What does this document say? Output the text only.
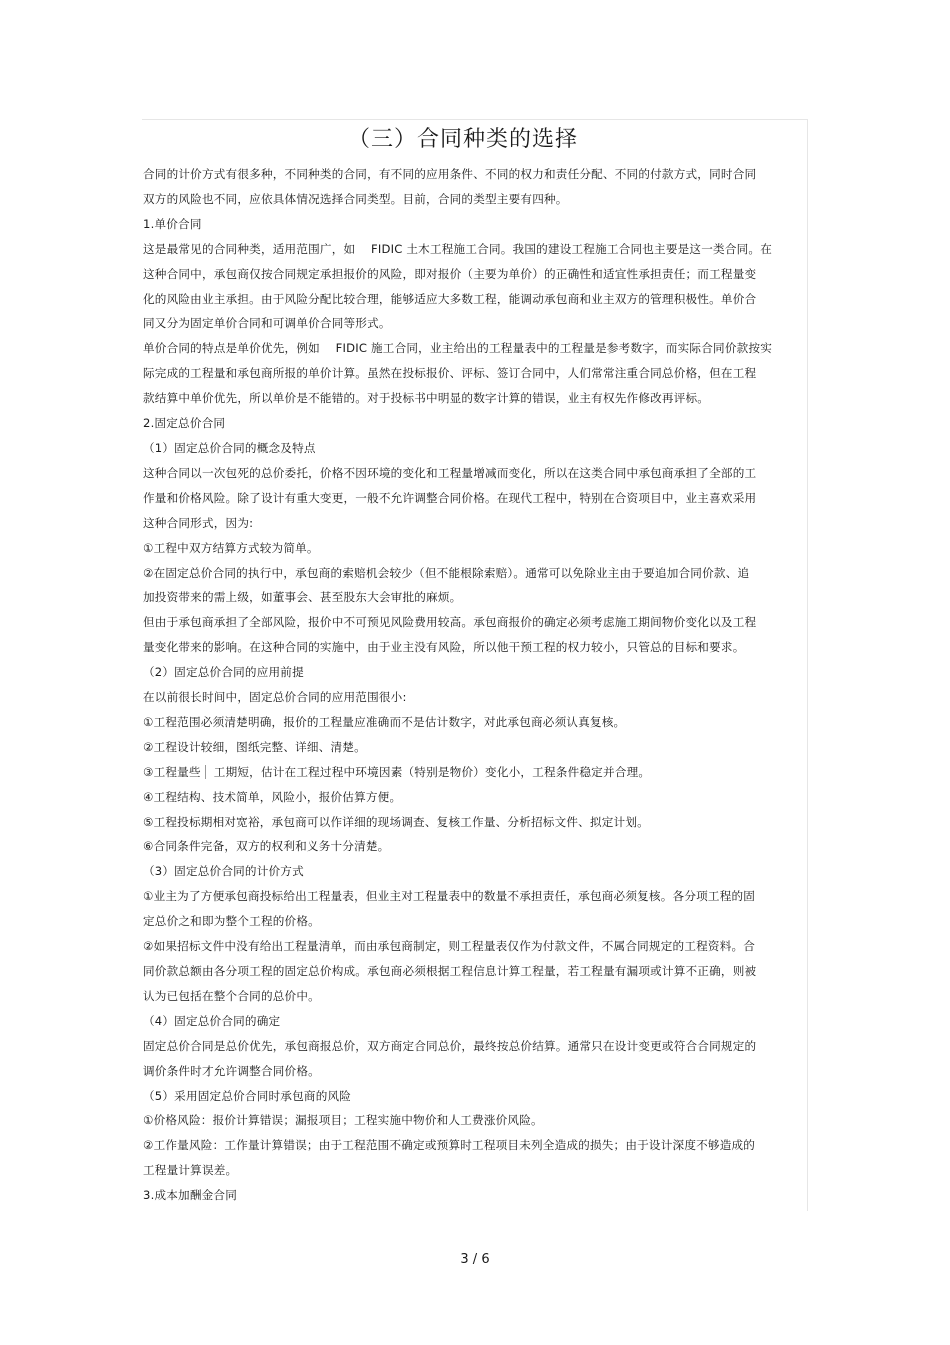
（三）合同种类的选择
合同的计价方式有很多种，不同种类的合同，有不同的应用条件、不同的权力和责任分配、不同的付款方式，同时合同
双方的风险也不同，应依具体情况选择合同类型。目前，合同的类型主要有四种。
1.单价合同
这是最常见的合同种类，适用范围广，如　 FIDIC 土木工程施工合同。我国的建设工程施工合同也主要是这一类合同。在
这种合同中，承包商仅按合同规定承担报价的风险，即对报价（主要为单价）的正确性和适宜性承担责任；而工程量变
化的风险由业主承担。由于风险分配比较合理，能够适应大多数工程，能调动承包商和业主双方的管理积极性。单价合
同又分为固定单价合同和可调单价合同等形式。
单价合同的特点是单价优先，例如　 FIDIC 施工合同，业主给出的工程量表中的工程量是参考数字，而实际合同价款按实
际完成的工程量和承包商所报的单价计算。虽然在投标报价、评标、签订合同中，人们常常注重合同总价格，但在工程
款结算中单价优先，所以单价是不能错的。对于投标书中明显的数字计算的错误，业主有权先作修改再评标。
2.固定总价合同
（1）固定总价合同的概念及特点
这种合同以一次包死的总价委托，价格不因环境的变化和工程量增减而变化，所以在这类合同中承包商承担了全部的工
作量和价格风险。除了设计有重大变更，一般不允许调整合同价格。在现代工程中，特别在合资项目中，业主喜欢采用
这种合同形式，因为:
①工程中双方结算方式较为简单。
②在固定总价合同的执行中，承包商的索赔机会较少（但不能根除索赔）。通常可以免除业主由于要追加合同价款、追
加投资带来的需上级，如董事会、甚至股东大会审批的麻烦。
但由于承包商承担了全部风险，报价中不可预见风险费用较高。承包商报价的确定必须考虑施工期间物价变化以及工程
量变化带来的影响。在这种合同的实施中，由于业主没有风险，所以他干预工程的权力较小，只管总的目标和要求。
（2）固定总价合同的应用前提
在以前很长时间中，固定总价合同的应用范围很小:
①工程范围必须清楚明确，报价的工程量应准确而不是估计数字，对此承包商必须认真复核。
②工程设计较细，图纸完整、详细、清楚。
③工程量些 工期短，估计在工程过程中环境因素（特别是物价）变化小，工程条件稳定并合理。
④工程结构、技术简单，风险小，报价估算方便。
⑤工程投标期相对宽裕，承包商可以作详细的现场调查、复核工作量、分析招标文件、拟定计划。
⑥合同条件完备，双方的权利和义务十分清楚。
（3）固定总价合同的计价方式
①业主为了方便承包商投标给出工程量表，但业主对工程量表中的数量不承担责任，承包商必须复核。各分项工程的固
定总价之和即为整个工程的价格。
②如果招标文件中没有给出工程量清单，而由承包商制定，则工程量表仅作为付款文件，不属合同规定的工程资料。合
同价款总额由各分项工程的固定总价构成。承包商必须根据工程信息计算工程量，若工程量有漏项或计算不正确，则被
认为已包括在整个合同的总价中。
（4）固定总价合同的确定
固定总价合同是总价优先，承包商报总价，双方商定合同总价，最终按总价结算。通常只在设计变更或符合合同规定的
调价条件时才允许调整合同价格。
（5）采用固定总价合同时承包商的风险
①价格风险：报价计算错误；漏报项目；工程实施中物价和人工费涨价风险。
②工作量风险：工作量计算错误；由于工程范围不确定或预算时工程项目未列全造成的损失；由于设计深度不够造成的
工程量计算误差。
3.成本加酬金合同
3 / 6
